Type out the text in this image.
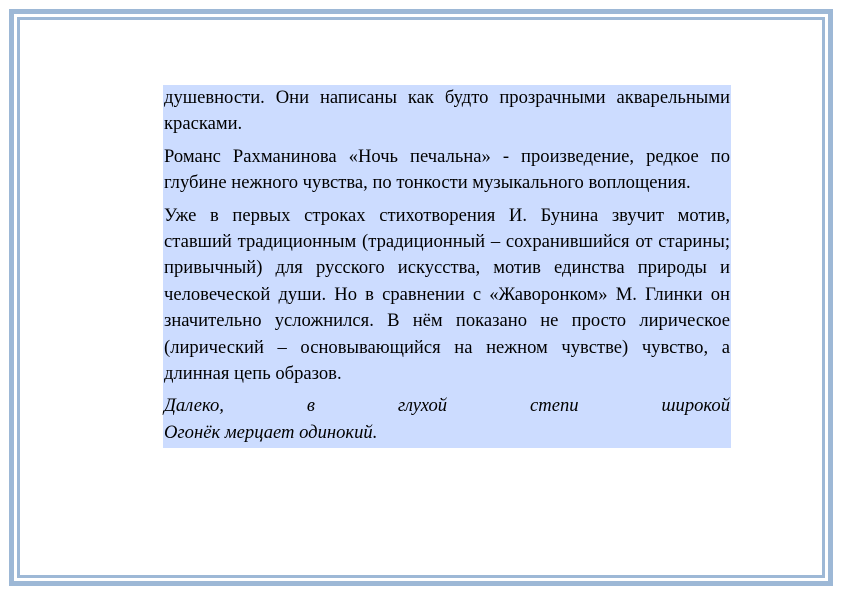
душевности. Они написаны как будто прозрачными акварельными красками.

Романс Рахманинова «Ночь печальна» - произведение, редкое по глубине нежного чувства, по тонкости музыкального воплощения.

Уже в первых строках стихотворения И. Бунина звучит мотив, ставший традиционным (традиционный – сохранившийся от старины; привычный) для русского искусства, мотив единства природы и человеческой души. Но в сравнении с «Жаворонком» М. Глинки он значительно усложнился. В нём показано не просто лирическое (лирический – основывающийся на нежном чувстве) чувство, а длинная цепь образов.

Далеко, в глухой степи широкой
Огонёк мерцает одинокий.
